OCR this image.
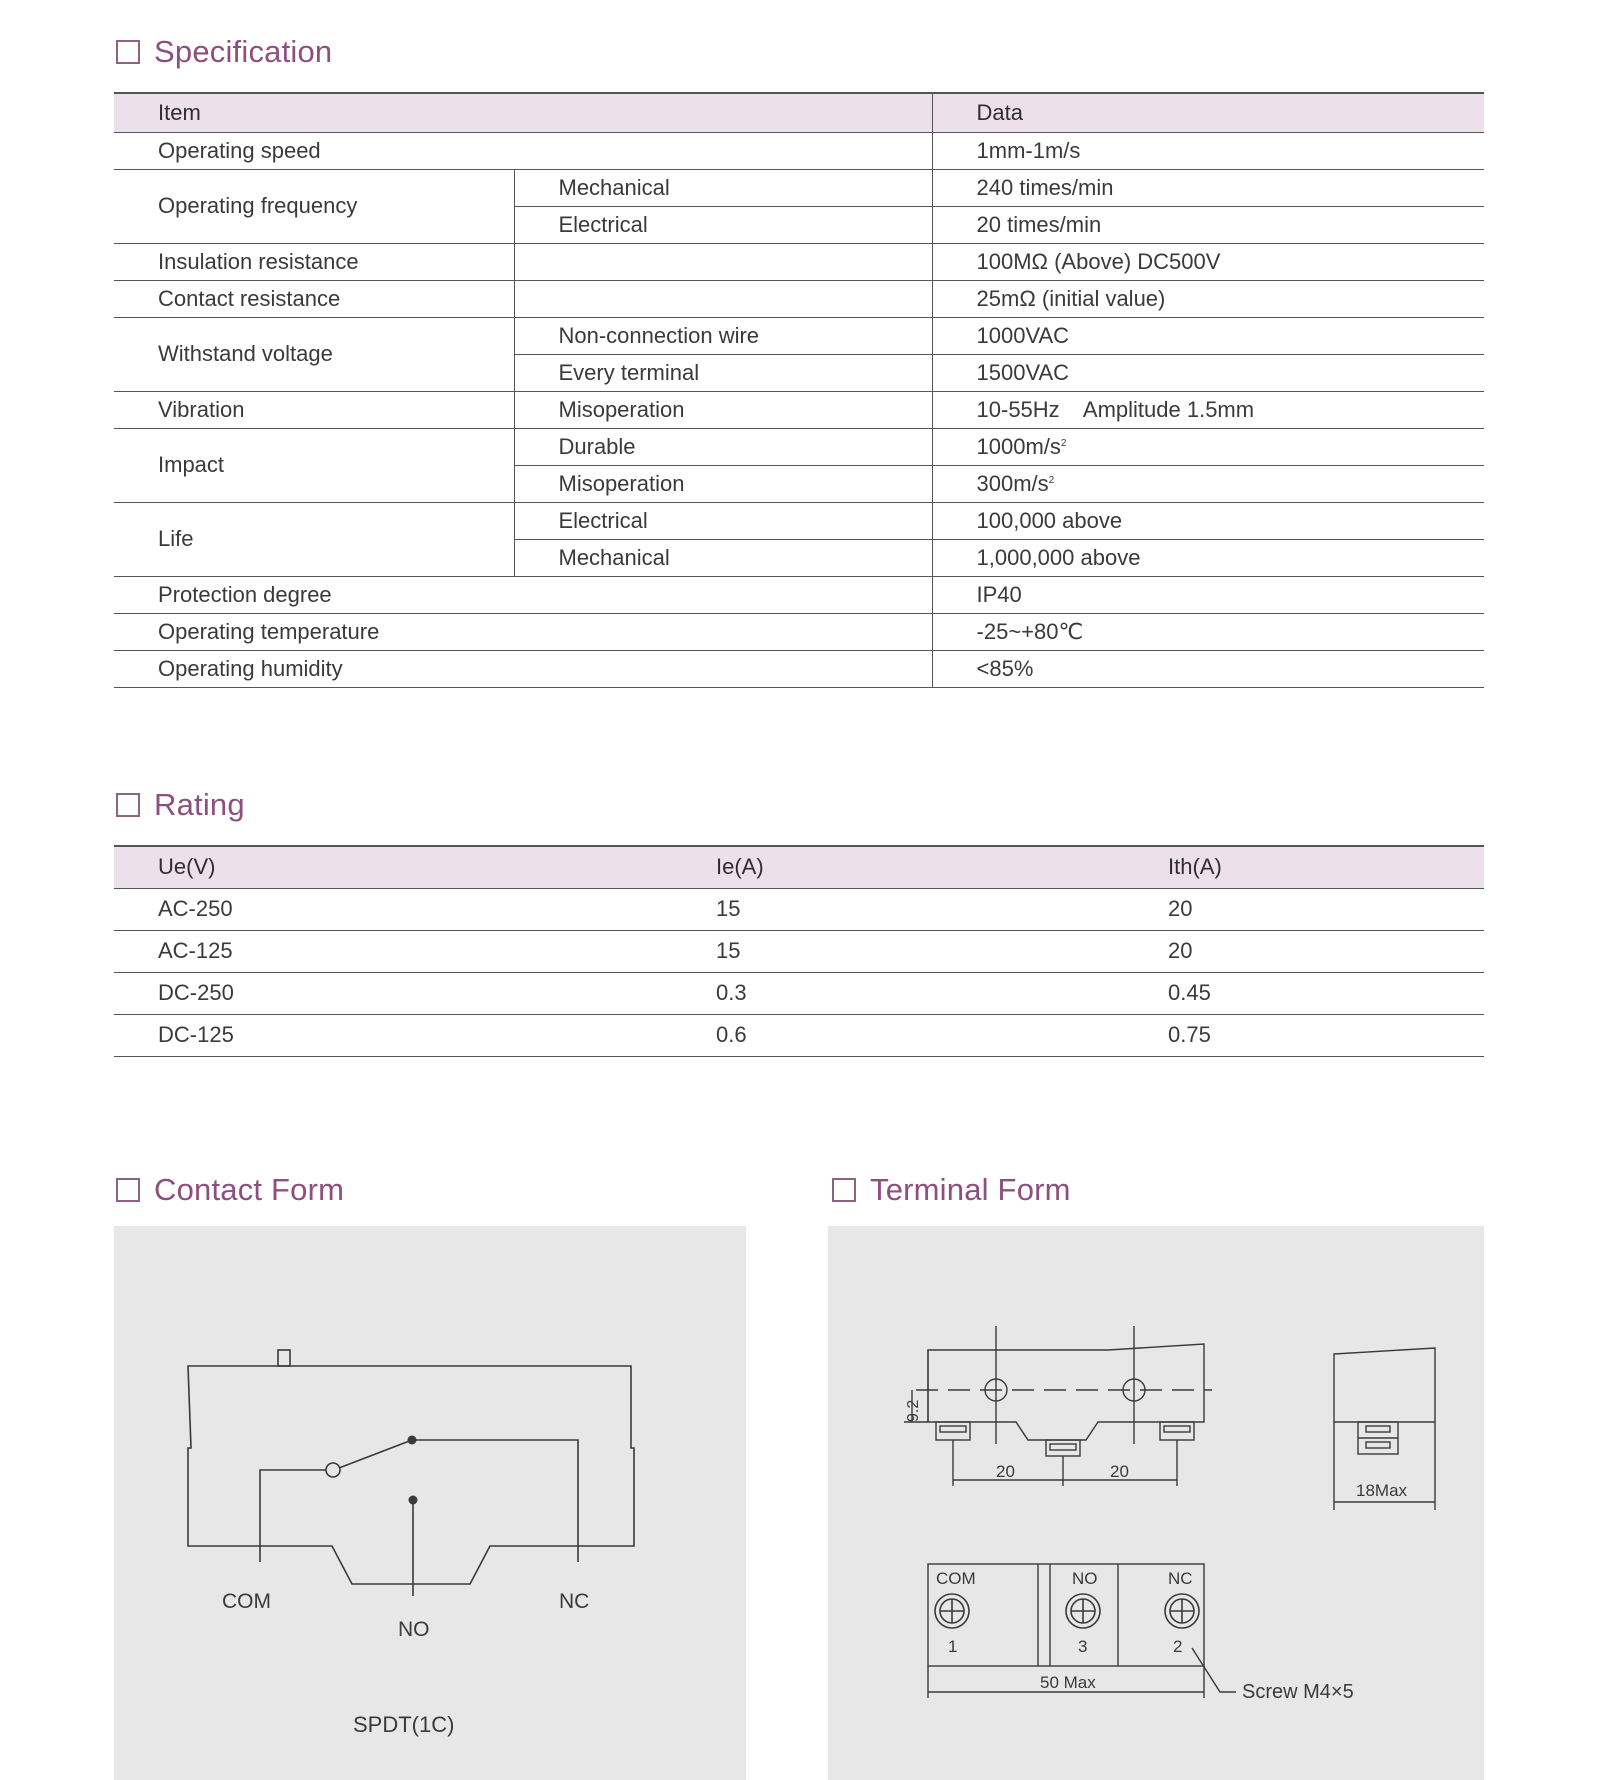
Specification
Item		Data
Operating speed		1mm-1m/s
Operating frequency	Mechanical	240 times/min
	Electrical	20 times/min
Insulation resistance		100MΩ (Above) DC500V
Contact resistance		25mΩ (initial value)
Withstand voltage	Non-connection wire	1000VAC
	Every terminal	1500VAC
Vibration	Misoperation	10-55Hz    Amplitude 1.5mm
Impact	Durable	$1000m/s^2$
	Misoperation	$300m/s^2$
Life	Electrical	100,000 above
	Mechanical	1,000,000 above
Protection degree		IP40
Operating temperature		-25~+80℃
Operating humidity		<85%
Rating
Ue(V)	Ie(A)	Ith(A)
AC-250	15	20
AC-125	15	20
DC-250	0.3	0.45
DC-125	0.6	0.75
Contact Form
COM
NO
NC
SPDT(1C)
Terminal Form
9.2
20	20
18Max
COM	NO	NC
1	3	2
50 Max	Screw M4×5
